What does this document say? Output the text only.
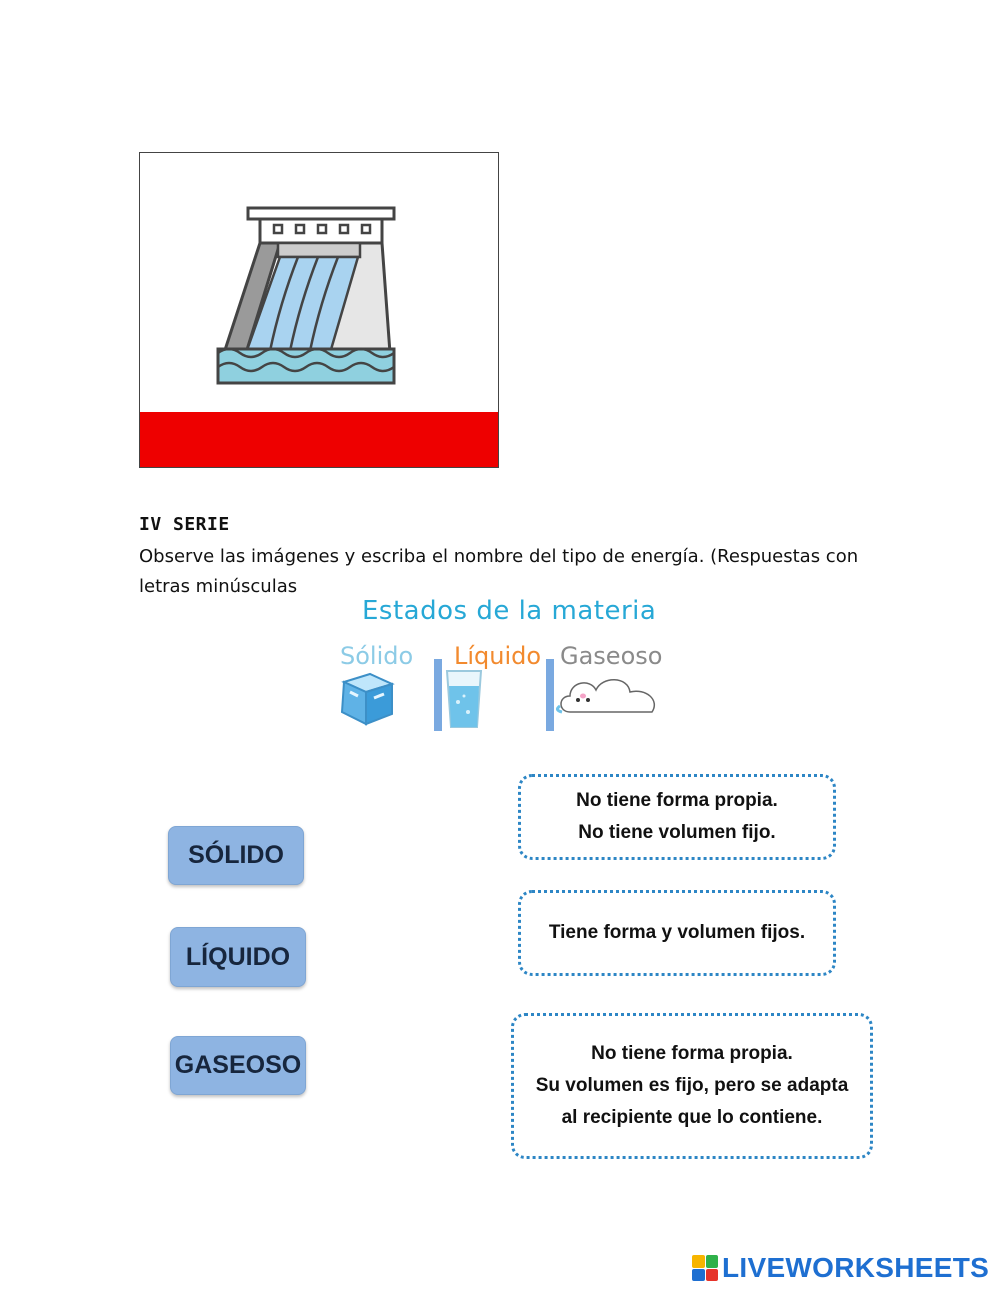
IV SERIE
Observe las imágenes y escriba el nombre del tipo de energía. (Respuestas con letras minúsculas
Estados de la materia
Sólido Líquido Gaseoso
SÓLIDO
LÍQUIDO
GASEOSO
No tiene forma propia.
No tiene volumen fijo.
Tiene forma y volumen fijos.
No tiene forma propia.
Su volumen es fijo, pero se adapta
al recipiente que lo contiene.
LIVEWORKSHEETS
